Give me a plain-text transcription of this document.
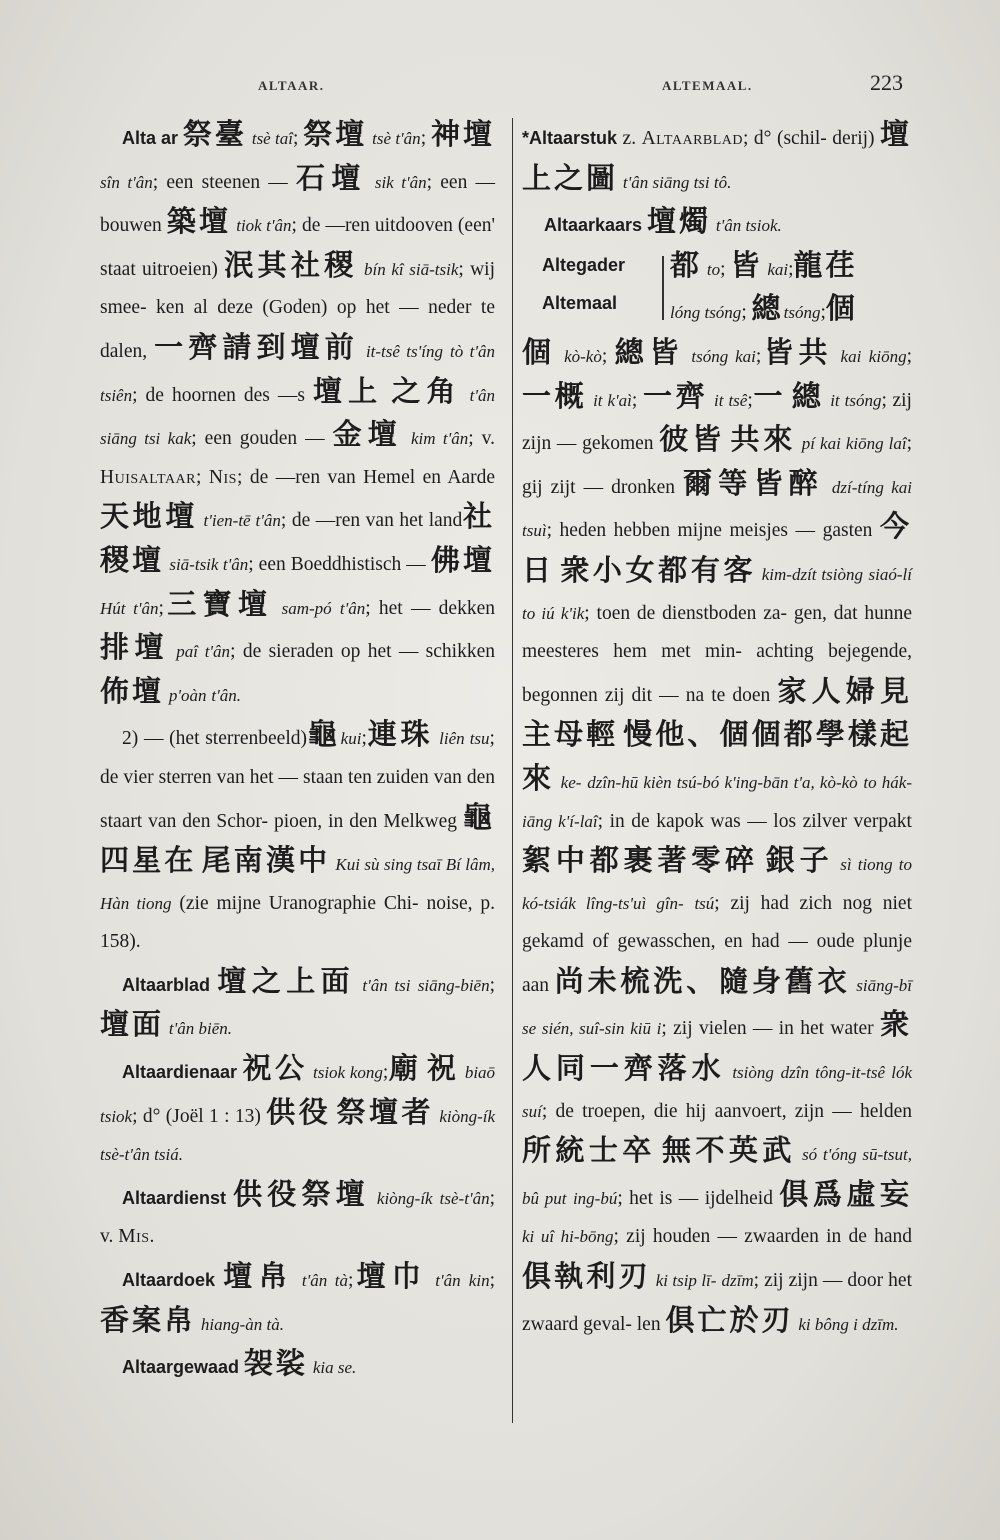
ALTAAR.	ALTEMAAL.	223

Alta ar 祭臺 tsè taî; 祭壇 tsè t'ân; 神壇 sîn t'ân; een steenen — 石壇 sik t'ân; een — bouwen 築壇 tiok t'ân; de —ren uitdooven (een' staat uitroeien) 泯其社稷 bín kî siā-tsik; wij smee- ken al deze (Goden) op het — neder te dalen, 一齊請到壇前 it-tsê ts'íng tò t'ân tsiên; de hoornen des —s 壇上 之角 t'ân siāng tsi kak; een gouden — 金壇 kim t'ân; v. Huisaltaar; Nis; de —ren van Hemel en Aarde天地壇 t'ien-tē t'ân; de —ren van het land社 稷壇 siā-tsik t'ân; een Boeddhistisch — 佛壇 Hút t'ân;三寶壇 sam-pó t'ân; het — dekken 排壇 paî t'ân; de sieraden op het — schikken 佈壇 p'oàn t'ân.

2) — (het sterrenbeeld)龜kui;連珠 liên tsu; de vier sterren van het — staan ten zuiden van den staart van den Schor- pioen, in den Melkweg 龜四星在 尾南漢中 Kui sù sing tsaī Bí lâm, Hàn tiong (zie mijne Uranographie Chi- noise, p. 158).

Altaarblad 壇之上面 t'ân tsi siāng-biēn; 壇面 t'ân biēn.

Altaardienaar 祝公 tsiok kong;廟 祝 biaō tsiok; d° (Joël 1 : 13) 供役 祭壇者 kiòng-ík tsè-t'ân tsiá.

Altaardienst 供役祭壇 kiòng-ík tsè-t'ân; v. Mis.

Altaardoek 壇帛 t'ân tà;壇巾 t'ân kin; 香案帛 hiang-àn tà.

Altaargewaad 袈裟 kia se.

*Altaarstuk z. Altaarblad; d° (schil- derij) 壇上之圖 t'ân siāng tsi tô.

Altaarkaars 壇燭 t'ân tsiok.

Altegader
Altemaal
都 to; 皆 kai;龍荏
lóng tsóng; 總tsóng;個

個 kò-kò; 總皆 tsóng kai;皆共 kai kiōng; 一概 it k'aì; 一齊 it tsê;一 總 it tsóng; zij zijn — gekomen 彼皆 共來 pí kai kiōng laî; gij zijt — dronken 爾等皆醉 dzí-tíng kai tsuì; heden hebben mijne meisjes — gasten 今日 衆小女都有客 kim-dzít tsiòng siaó-lí to iú k'ik; toen de dienstboden za- gen, dat hunne meesteres hem met min- achting bejegende, begonnen zij dit — na te doen 家人婦見主母輕 慢他、個個都學樣起來 ke- dzîn-hū kièn tsú-bó k'ing-bān t'a, kò-kò to hák-iāng k'í-laî; in de kapok was — los zilver verpakt 絮中都裹著零碎 銀子 sì tiong to kó-tsiák lîng-ts'uì gîn- tsú; zij had zich nog niet gekamd of gewasschen, en had — oude plunje aan 尚未梳洗、隨身舊衣 siāng-bī se sién, suî-sin kiū i; zij vielen — in het water 衆人同一齊落水 tsiòng dzîn tông-it-tsê lók suí; de troepen, die hij aanvoert, zijn — helden 所統士卒 無不英武 só t'óng sū-tsut, bû put ing-bú; het is — ijdelheid 俱爲虛妄 ki uî hi-bōng; zij houden — zwaarden in de hand 俱執利刃 ki tsip lī- dzīm; zij zijn — door het zwaard geval- len 俱亡於刃 ki bông i dzīm.
